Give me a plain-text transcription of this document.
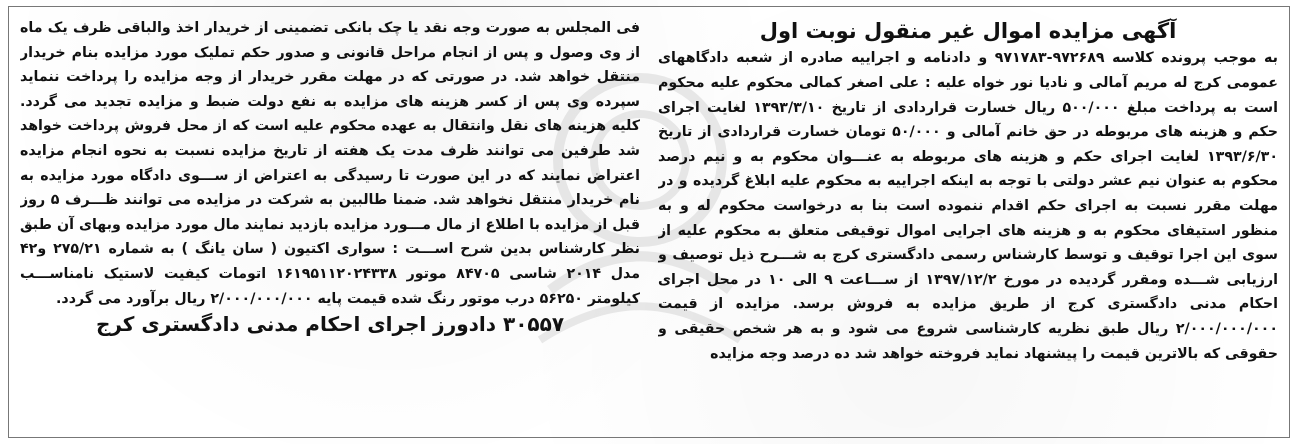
آگهی مزایده اموال غیر منقول نوبت اول

به موجب پرونده کلاسه ۹۷۲۶۸۹-۹۷۱۷۸۳ و دادنامه و اجراییه صادره از شعبه دادگاههای عمومی کرج له مریم آمالی و نادیا نور خواه علیه : علی اصغر کمالی محکوم علیه محکوم است به پرداخت مبلغ ۵۰۰/۰۰۰ ریال خسارت قراردادی از تاریخ ۱۳۹۳/۳/۱۰ لغایت اجرای حکم و هزینه های مربوطه در حق خانم آمالی و ۵۰/۰۰۰ تومان خسارت قراردادی از تاریخ ۱۳۹۳/۶/۳۰ لغایت اجرای حکم و هزینه های مربوطه به عنـــوان محکوم به و نیم درصد محکوم به عنوان نیم عشر دولتی با توجه به اینکه اجراییه به محکوم علیه ابلاغ گردیده و در مهلت مقرر نسبت به اجرای حکم اقدام ننموده است بنا به درخواست محکوم له و به منظور استیفای محکوم به و هزینه های اجرایی اموال توقیفی متعلق به محکوم علیه از سوی این اجرا توقیف و توسط کارشناس رسمی دادگستری کرج به شـــرح ذیل توصیف و ارزیابی شـــده ومقرر گردیده در مورخ ۱۳۹۷/۱۲/۲ از ســـاعت ۹ الی ۱۰ در محل اجرای احکام مدنی دادگستری کرج از طریق مزایده به فروش برسد. مزایده از قیمت ۲/۰۰۰/۰۰۰/۰۰۰ ریال طبق نظریه کارشناسی شروع می شود و به هر شخص حقیقی و حقوقی که بالاترین قیمت را پیشنهاد نماید فروخته خواهد شد ده درصد وجه مزایده

فی المجلس به صورت وجه نقد یا چک بانکی تضمینی از خریدار اخذ والباقی ظرف یک ماه از وی وصول و پس از انجام مراحل قانونی و صدور حکم تملیک مورد مزایده بنام خریدار منتقل خواهد شد. در صورتی که در مهلت مقرر خریدار از وجه مزایده را پرداخت ننماید سپرده وی پس از کسر هزینه های مزایده به نفع دولت ضبط و مزایده تجدید می گردد. کلیه هزینه های نقل وانتقال به عهده محکوم علیه است که از محل فروش پرداخت خواهد شد طرفین می توانند ظرف مدت یک هفته از تاریخ مزایده نسبت به نحوه انجام مزایده اعتراض نمایند که در این صورت تا رسیدگی به اعتراض از ســـوی دادگاه مورد مزایده به نام خریدار منتقل نخواهد شد. ضمنا طالبین به شرکت در مزایده می توانند ظـــرف ۵ روز قبل از مزایده با اطلاع از مال مـــورد مزایده بازدید نمایند مال مورد مزایده وبهای آن طبق نظر کارشناس بدین شرح اســـت : سواری اکتیون ( سان یانگ ) به شماره ۲۷۵/۲۱ و۴۲ مدل ۲۰۱۴ شاسی ۸۴۷۰۵ موتور ۱۶۱۹۵۱۱۲۰۲۴۳۳۸ اتومات کیفیت لاستیک نامناســـب کیلومتر ۵۶۲۵۰ درب موتور رنگ شده قیمت پایه ۲/۰۰۰/۰۰۰/۰۰۰ ریال برآورد می گردد.

۳۰۵۵۷ دادورز اجرای احکام مدنی دادگستری کرج
